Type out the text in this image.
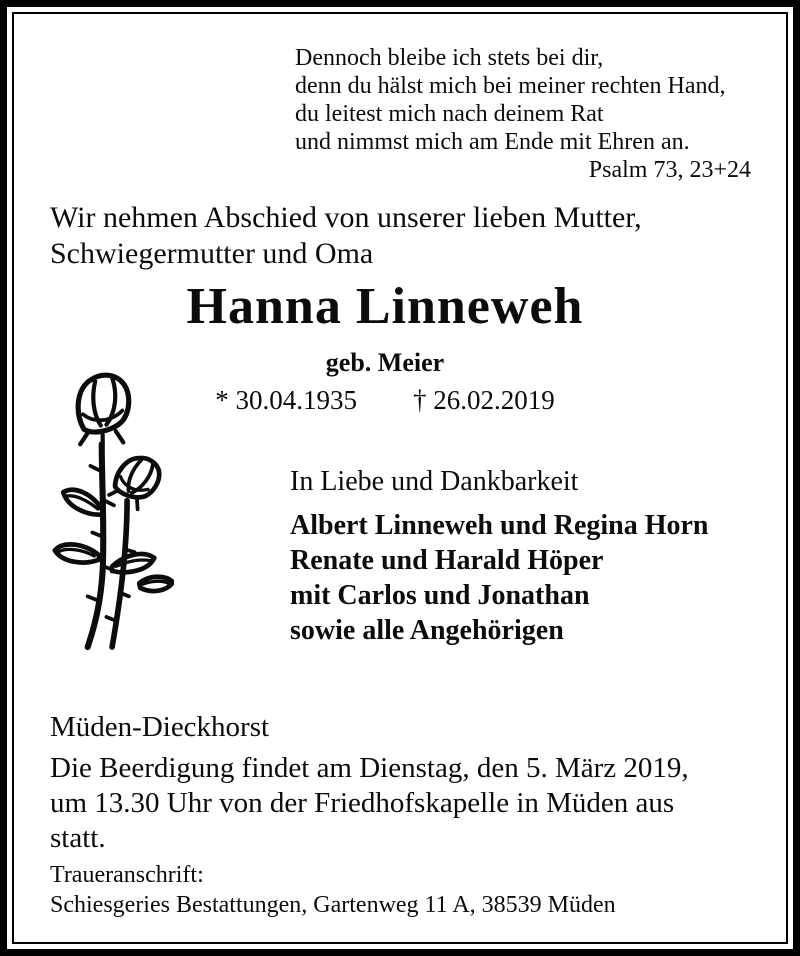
Dennoch bleibe ich stets bei dir,
denn du hälst mich bei meiner rechten Hand,
du leitest mich nach deinem Rat
und nimmst mich am Ende mit Ehren an.
Psalm 73, 23+24
Wir nehmen Abschied von unserer lieben Mutter,
Schwiegermutter und Oma
Hanna Linneweh
geb. Meier
* 30.04.1935 † 26.02.2019
In Liebe und Dankbarkeit
Albert Linneweh und Regina Horn
Renate und Harald Höper
mit Carlos und Jonathan
sowie alle Angehörigen
Müden-Dieckhorst
Die Beerdigung findet am Dienstag, den 5. März 2019,
um 13.30 Uhr von der Friedhofskapelle in Müden aus
statt.
Traueranschrift:
Schiesgeries Bestattungen, Gartenweg 11 A, 38539 Müden
